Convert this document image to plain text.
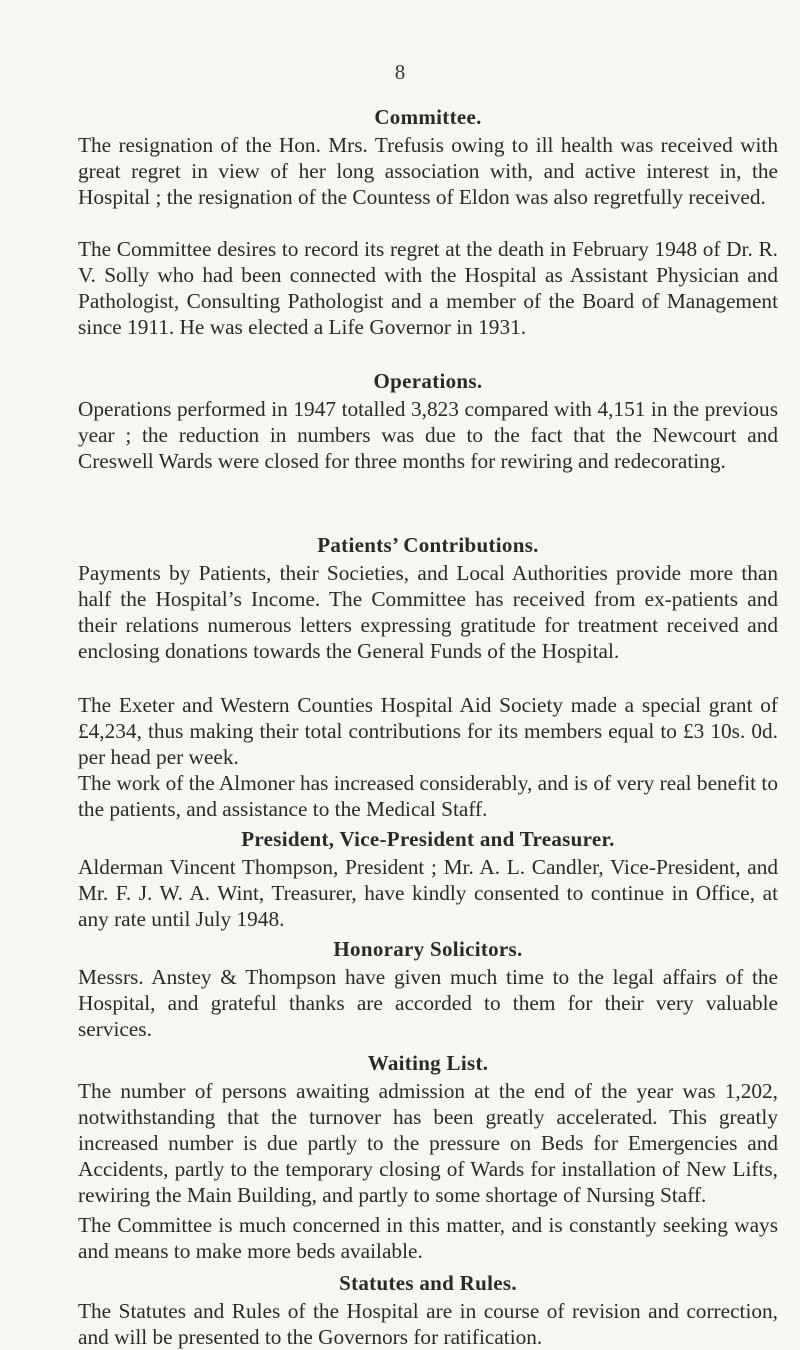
8
Committee.

The resignation of the Hon. Mrs. Trefusis owing to ill health was received with great regret in view of her long association with, and active interest in, the Hospital ; the resignation of the Countess of Eldon was also regretfully received.

The Committee desires to record its regret at the death in February 1948 of Dr. R. V. Solly who had been connected with the Hospital as Assistant Physician and Pathologist, Consulting Pathologist and a member of the Board of Management since 1911. He was elected a Life Governor in 1931.

Operations.

Operations performed in 1947 totalled 3,823 compared with 4,151 in the previous year ; the reduction in numbers was due to the fact that the Newcourt and Creswell Wards were closed for three months for rewiring and redecorating.

Patients’ Contributions.

Payments by Patients, their Societies, and Local Authorities provide more than half the Hospital’s Income. The Committee has received from ex-patients and their relations numerous letters expressing gratitude for treatment received and enclosing donations towards the General Funds of the Hospital.

The Exeter and Western Counties Hospital Aid Society made a special grant of £4,234, thus making their total contributions for its members equal to £3 10s. 0d. per head per week.

The work of the Almoner has increased considerably, and is of very real benefit to the patients, and assistance to the Medical Staff.

President, Vice-President and Treasurer.

Alderman Vincent Thompson, President ; Mr. A. L. Candler, Vice-President, and Mr. F. J. W. A. Wint, Treasurer, have kindly consented to continue in Office, at any rate until July 1948.

Honorary Solicitors.

Messrs. Anstey & Thompson have given much time to the legal affairs of the Hospital, and grateful thanks are accorded to them for their very valuable services.

Waiting List.

The number of persons awaiting admission at the end of the year was 1,202, notwithstanding that the turnover has been greatly accelerated. This greatly increased number is due partly to the pressure on Beds for Emergencies and Accidents, partly to the temporary closing of Wards for installation of New Lifts, rewiring the Main Building, and partly to some shortage of Nursing Staff.

The Committee is much concerned in this matter, and is constantly seeking ways and means to make more beds available.

Statutes and Rules.

The Statutes and Rules of the Hospital are in course of revision and correction, and will be presented to the Governors for ratification.
